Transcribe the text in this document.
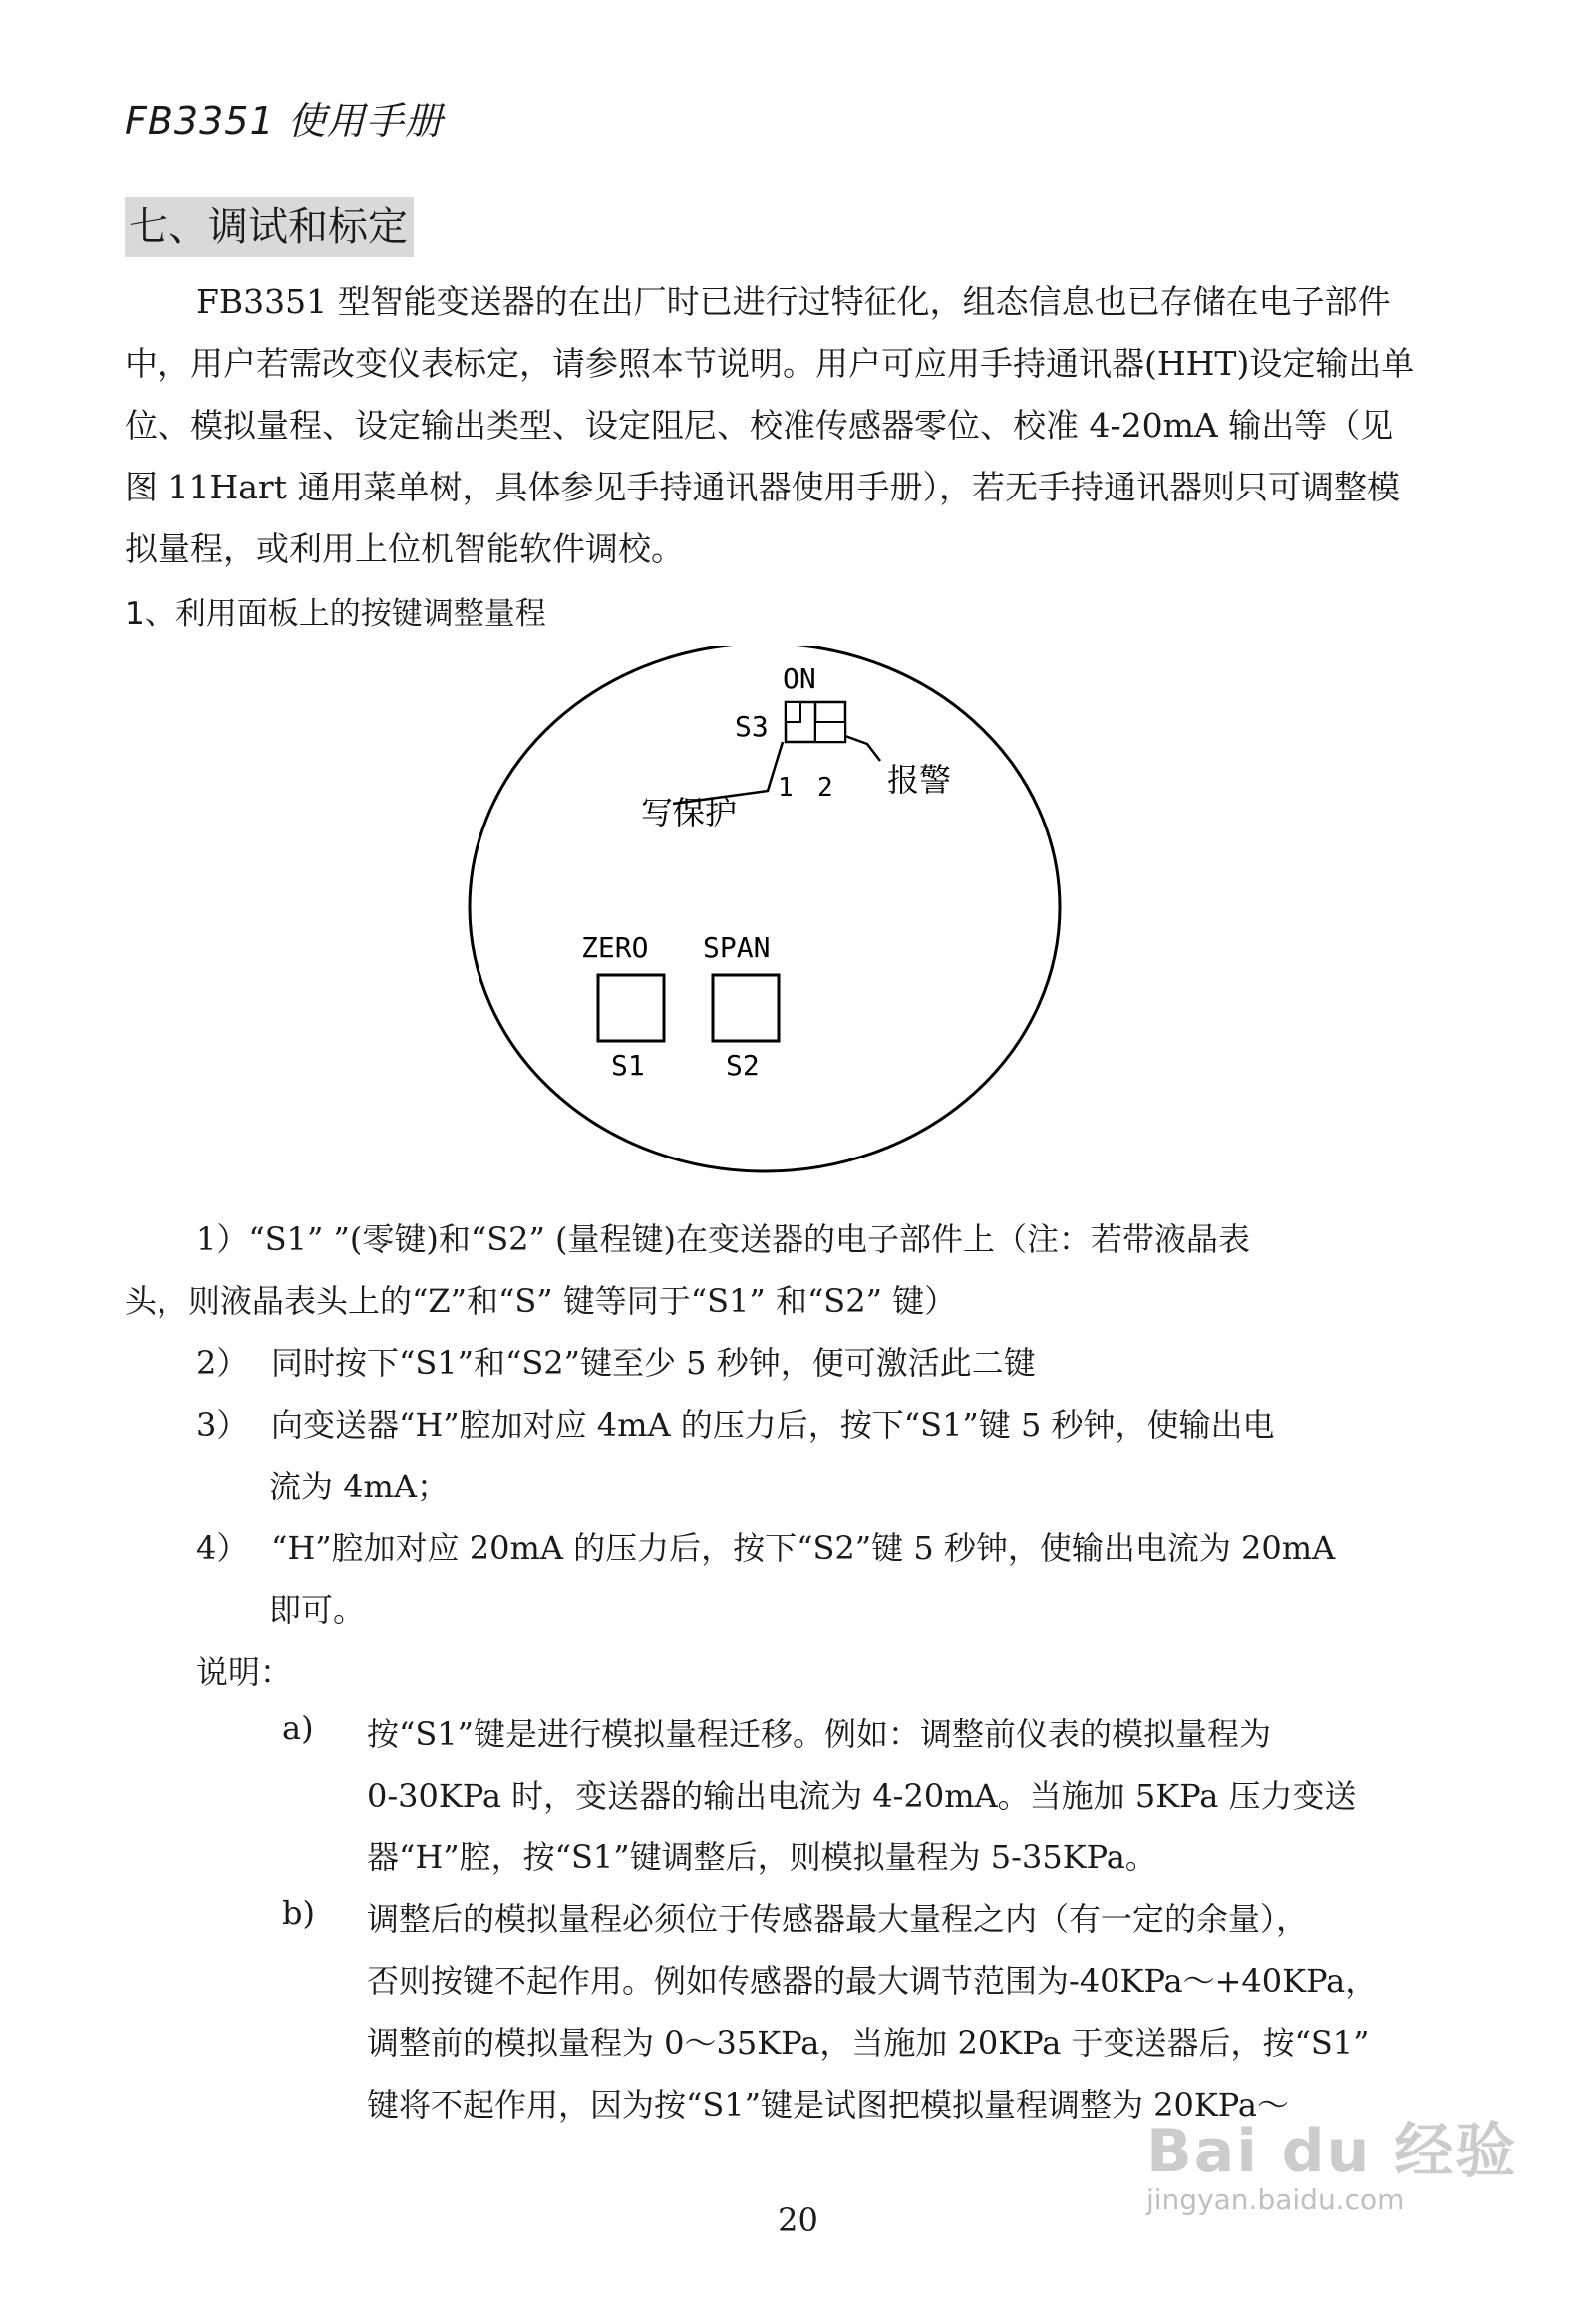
FB3351 使用手册
七、调试和标定
FB3351 型智能变送器的在出厂时已进行过特征化，组态信息也已存储在电子部件中，用户若需改变仪表标定，请参照本节说明。用户可应用手持通讯器(HHT)设定输出单位、模拟量程、设定输出类型、设定阻尼、校准传感器零位、校准 4-20mA 输出等（见图 11Hart 通用菜单树，具体参见手持通讯器使用手册），若无手持通讯器则只可调整模拟量程，或利用上位机智能软件调校。
1、利用面板上的按键调整量程
ON
S3
1 2
写保护
报警
ZERO SPAN
S1	S2
1）“S1” ”(零键)和“S2” (量程键)在变送器的电子部件上（注：若带液晶表
头，则液晶表头上的“Z”和“S” 键等同于“S1” 和“S2” 键）
2） 同时按下“S1”和“S2”键至少 5 秒钟，便可激活此二键
3） 向变送器“H”腔加对应 4mA 的压力后，按下“S1”键 5 秒钟，使输出电
流为 4mA；
4） “H”腔加对应 20mA 的压力后，按下“S2”键 5 秒钟，使输出电流为 20mA
即可。
说明：
a) 按“S1”键是进行模拟量程迁移。例如：调整前仪表的模拟量程为
0-30KPa 时，变送器的输出电流为 4-20mA。当施加 5KPa 压力变送
器“H”腔，按“S1”键调整后，则模拟量程为 5-35KPa。
b) 调整后的模拟量程必须位于传感器最大量程之内（有一定的余量），
否则按键不起作用。例如传感器的最大调节范围为-40KPa～+40KPa，
调整前的模拟量程为 0～35KPa，当施加 20KPa 于变送器后，按“S1”
键将不起作用，因为按“S1”键是试图把模拟量程调整为 20KPa～
20
Bai du 经验
jingyan.baidu.com
